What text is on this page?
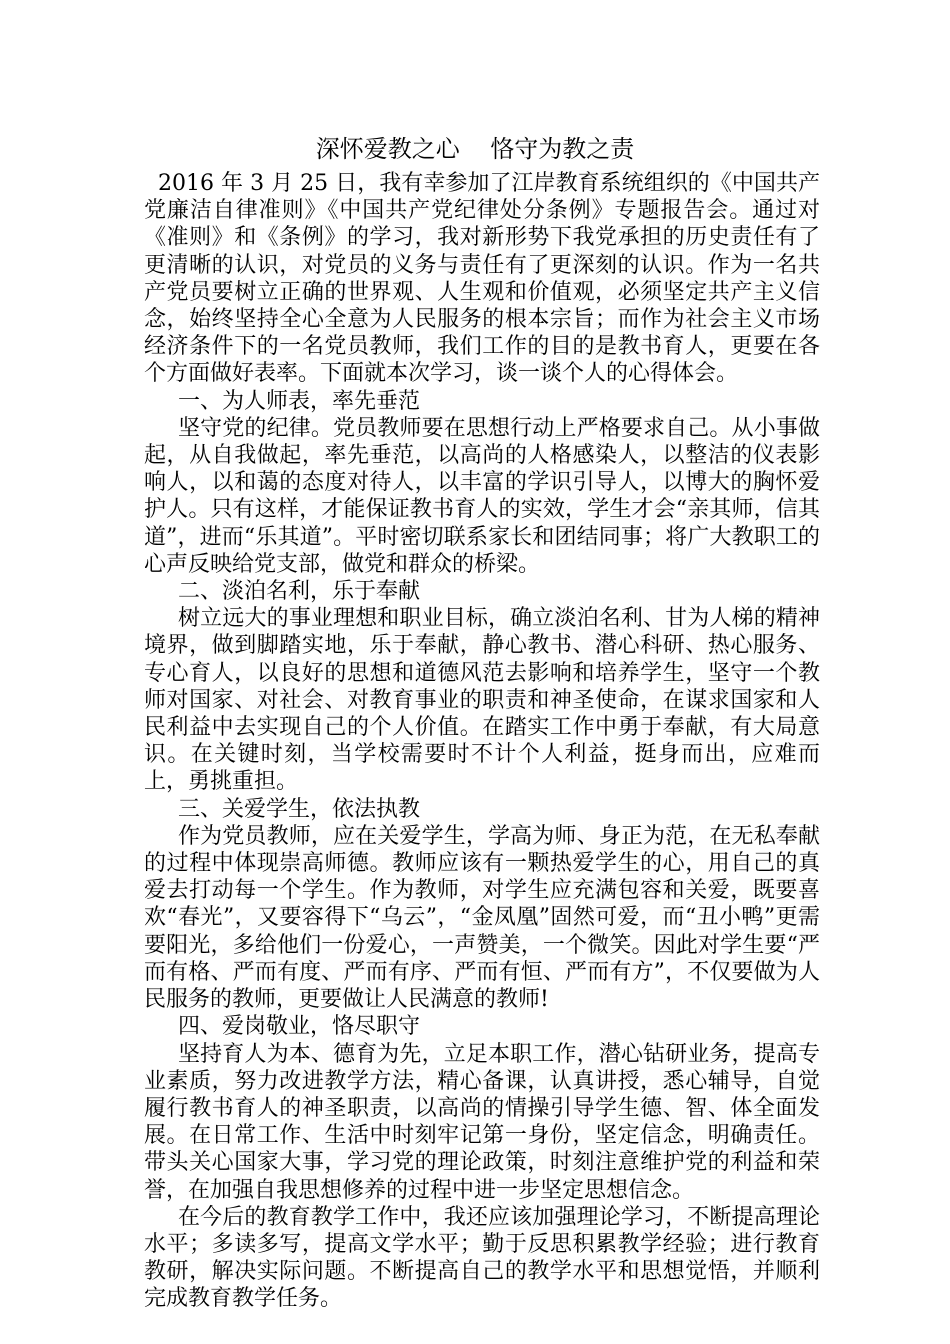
深怀爱教之心    恪守为教之责

2016 年 3 月 25 日，我有幸参加了江岸教育系统组织的《中国共产党廉洁自律准则》《中国共产党纪律处分条例》专题报告会。通过对《准则》和《条例》的学习，我对新形势下我党承担的历史责任有了更清晰的认识，对党员的义务与责任有了更深刻的认识。作为一名共产党员要树立正确的世界观、人生观和价值观，必须坚定共产主义信念，始终坚持全心全意为人民服务的根本宗旨；而作为社会主义市场经济条件下的一名党员教师，我们工作的目的是教书育人，更要在各个方面做好表率。下面就本次学习，谈一谈个人的心得体会。

一、为人师表，率先垂范

坚守党的纪律。党员教师要在思想行动上严格要求自己。从小事做起，从自我做起，率先垂范，以高尚的人格感染人，以整洁的仪表影响人，以和蔼的态度对待人，以丰富的学识引导人，以博大的胸怀爱护人。只有这样，才能保证教书育人的实效，学生才会“亲其师，信其道”，进而“乐其道”。平时密切联系家长和团结同事；将广大教职工的心声反映给党支部，做党和群众的桥梁。

二、淡泊名利，乐于奉献

树立远大的事业理想和职业目标，确立淡泊名利、甘为人梯的精神境界，做到脚踏实地，乐于奉献，静心教书、潜心科研、热心服务、专心育人，以良好的思想和道德风范去影响和培养学生，坚守一个教师对国家、对社会、对教育事业的职责和神圣使命，在谋求国家和人民利益中去实现自己的个人价值。在踏实工作中勇于奉献，有大局意识。在关键时刻，当学校需要时不计个人利益，挺身而出，应难而上，勇挑重担。

三、关爱学生，依法执教

作为党员教师，应在关爱学生，学高为师、身正为范，在无私奉献的过程中体现崇高师德。教师应该有一颗热爱学生的心，用自己的真爱去打动每一个学生。作为教师，对学生应充满包容和关爱，既要喜欢“春光”，又要容得下“乌云”，“金凤凰”固然可爱，而“丑小鸭”更需要阳光，多给他们一份爱心，一声赞美，一个微笑。因此对学生要“严而有格、严而有度、严而有序、严而有恒、严而有方”，不仅要做为人民服务的教师，更要做让人民满意的教师!

四、爱岗敬业，恪尽职守

坚持育人为本、德育为先，立足本职工作，潜心钻研业务，提高专业素质，努力改进教学方法，精心备课，认真讲授，悉心辅导，自觉履行教书育人的神圣职责，以高尚的情操引导学生德、智、体全面发展。在日常工作、生活中时刻牢记第一身份，坚定信念，明确责任。带头关心国家大事，学习党的理论政策，时刻注意维护党的利益和荣誉，在加强自我思想修养的过程中进一步坚定思想信念。

在今后的教育教学工作中，我还应该加强理论学习，不断提高理论水平；多读多写，提高文学水平；勤于反思积累教学经验；进行教育教研，解决实际问题。不断提高自己的教学水平和思想觉悟，并顺利完成教育教学任务。
